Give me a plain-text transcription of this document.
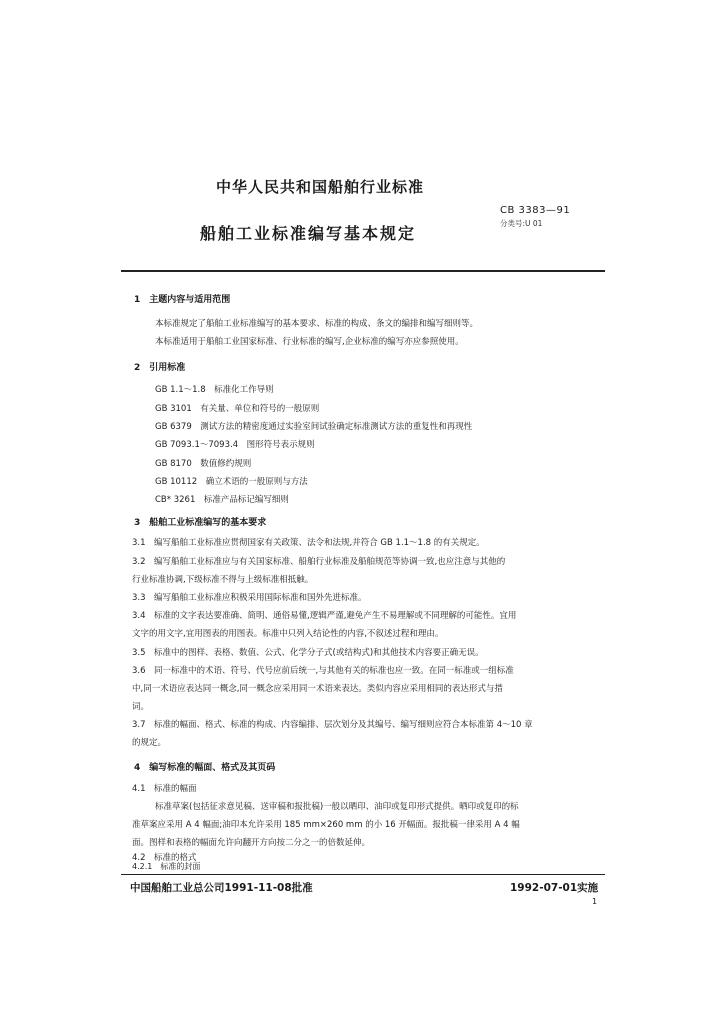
中华人民共和国船舶行业标准
CB 3383—91
分类号:U 01
船舶工业标准编写基本规定
1　主题内容与适用范围
本标准规定了船舶工业标准编写的基本要求、标准的构成、条文的编排和编写细则等。
本标准适用于船舶工业国家标准、行业标准的编写,企业标准的编写亦应参照使用。
2　引用标准
GB 1.1～1.8　 标准化工作导则
GB 3101　 有关量、单位和符号的一般原则
GB 6379　 测试方法的精密度通过实验室间试验确定标准测试方法的重复性和再现性
GB 7093.1～7093.4　 图形符号表示规则
GB 8170　 数值修约规则
GB 10112　 确立术语的一般原则与方法
CB* 3261　 标准产品标记编写细则
3　船舶工业标准编写的基本要求
3.1　编写船舶工业标准应贯彻国家有关政策、法令和法规,并符合 GB 1.1～1.8 的有关规定。
3.2　编写船舶工业标准应与有关国家标准、船舶行业标准及船舶规范等协调一致,也应注意与其他的
行业标准协调,下级标准不得与上级标准相抵触。
3.3　编写船舶工业标准应积极采用国际标准和国外先进标准。
3.4　标准的文字表达要准确、简明、通俗易懂,逻辑严谨,避免产生不易理解或不同理解的可能性。宜用
文字的用文字,宜用图表的用图表。标准中只列入结论性的内容,不叙述过程和理由。
3.5　标准中的图样、表格、数值、公式、化学分子式(或结构式)和其他技术内容要正确无误。
3.6　同一标准中的术语、符号、代号应前后统一,与其他有关的标准也应一致。在同一标准或一组标准
中,同一术语应表达同一概念,同一概念应采用同一术语来表达。类似内容应采用相同的表达形式与措
词。
3.7　标准的幅面、格式、标准的构成、内容编排、层次划分及其编号、编写细则应符合本标准第 4～10 章
的规定。
4　编写标准的幅面、格式及其页码
4.1　标准的幅面
标准草案(包括征求意见稿、送审稿和报批稿)一般以晒印、油印或复印形式提供。晒印或复印的标
准草案应采用 A 4 幅面;油印本允许采用 185 mm×260 mm 的小 16 开幅面。报批稿一律采用 A 4 幅
面。图样和表格的幅面允许向翻开方向按二分之一的倍数延伸。
4.2　标准的格式
4.2.1　标准的封面
中国船舶工业总公司1991-11-08批准	1992-07-01实施
1
